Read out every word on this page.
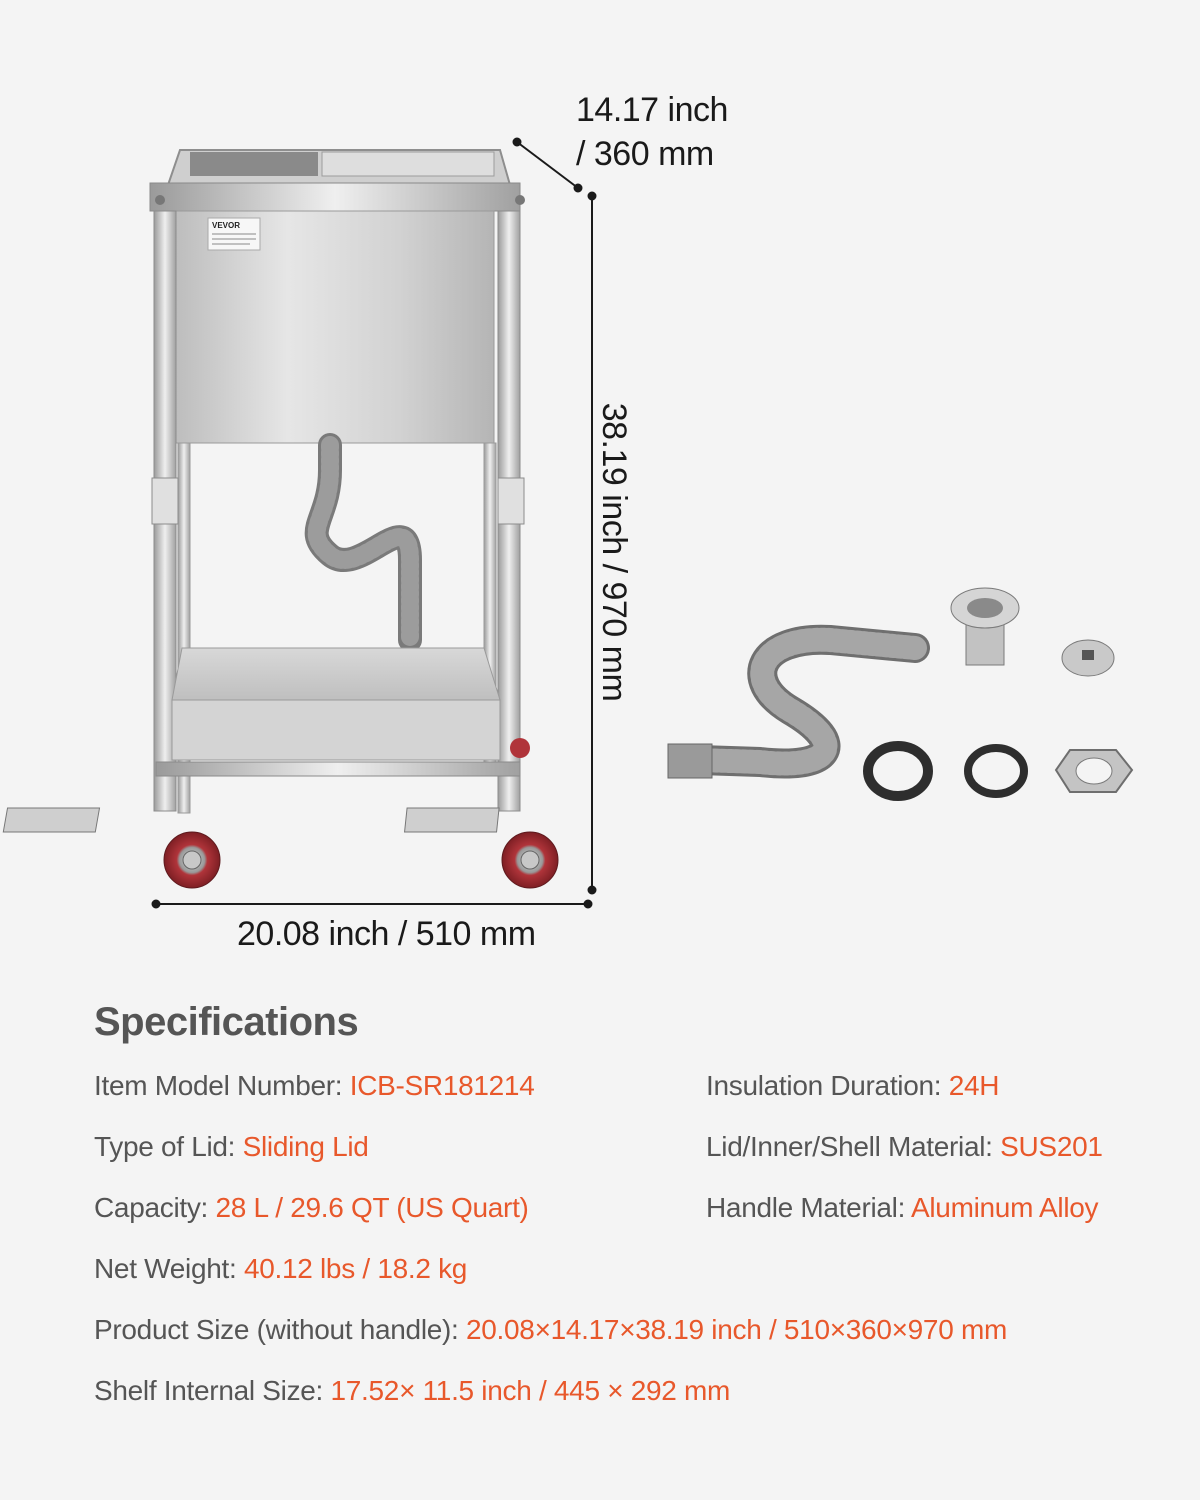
VEVOR
14.17 inch
/ 360 mm
38.19 inch / 970 mm
20.08 inch / 510 mm
Specifications
Item Model Number: ICB-SR181214
Type of Lid: Sliding Lid
Capacity: 28 L / 29.6 QT (US Quart)
Net Weight: 40.12 lbs / 18.2 kg
Product Size (without handle): 20.08×14.17×38.19 inch / 510×360×970 mm
Shelf Internal Size: 17.52× 11.5 inch / 445 × 292 mm
Insulation Duration: 24H
Lid/Inner/Shell Material: SUS201
Handle Material: Aluminum Alloy
